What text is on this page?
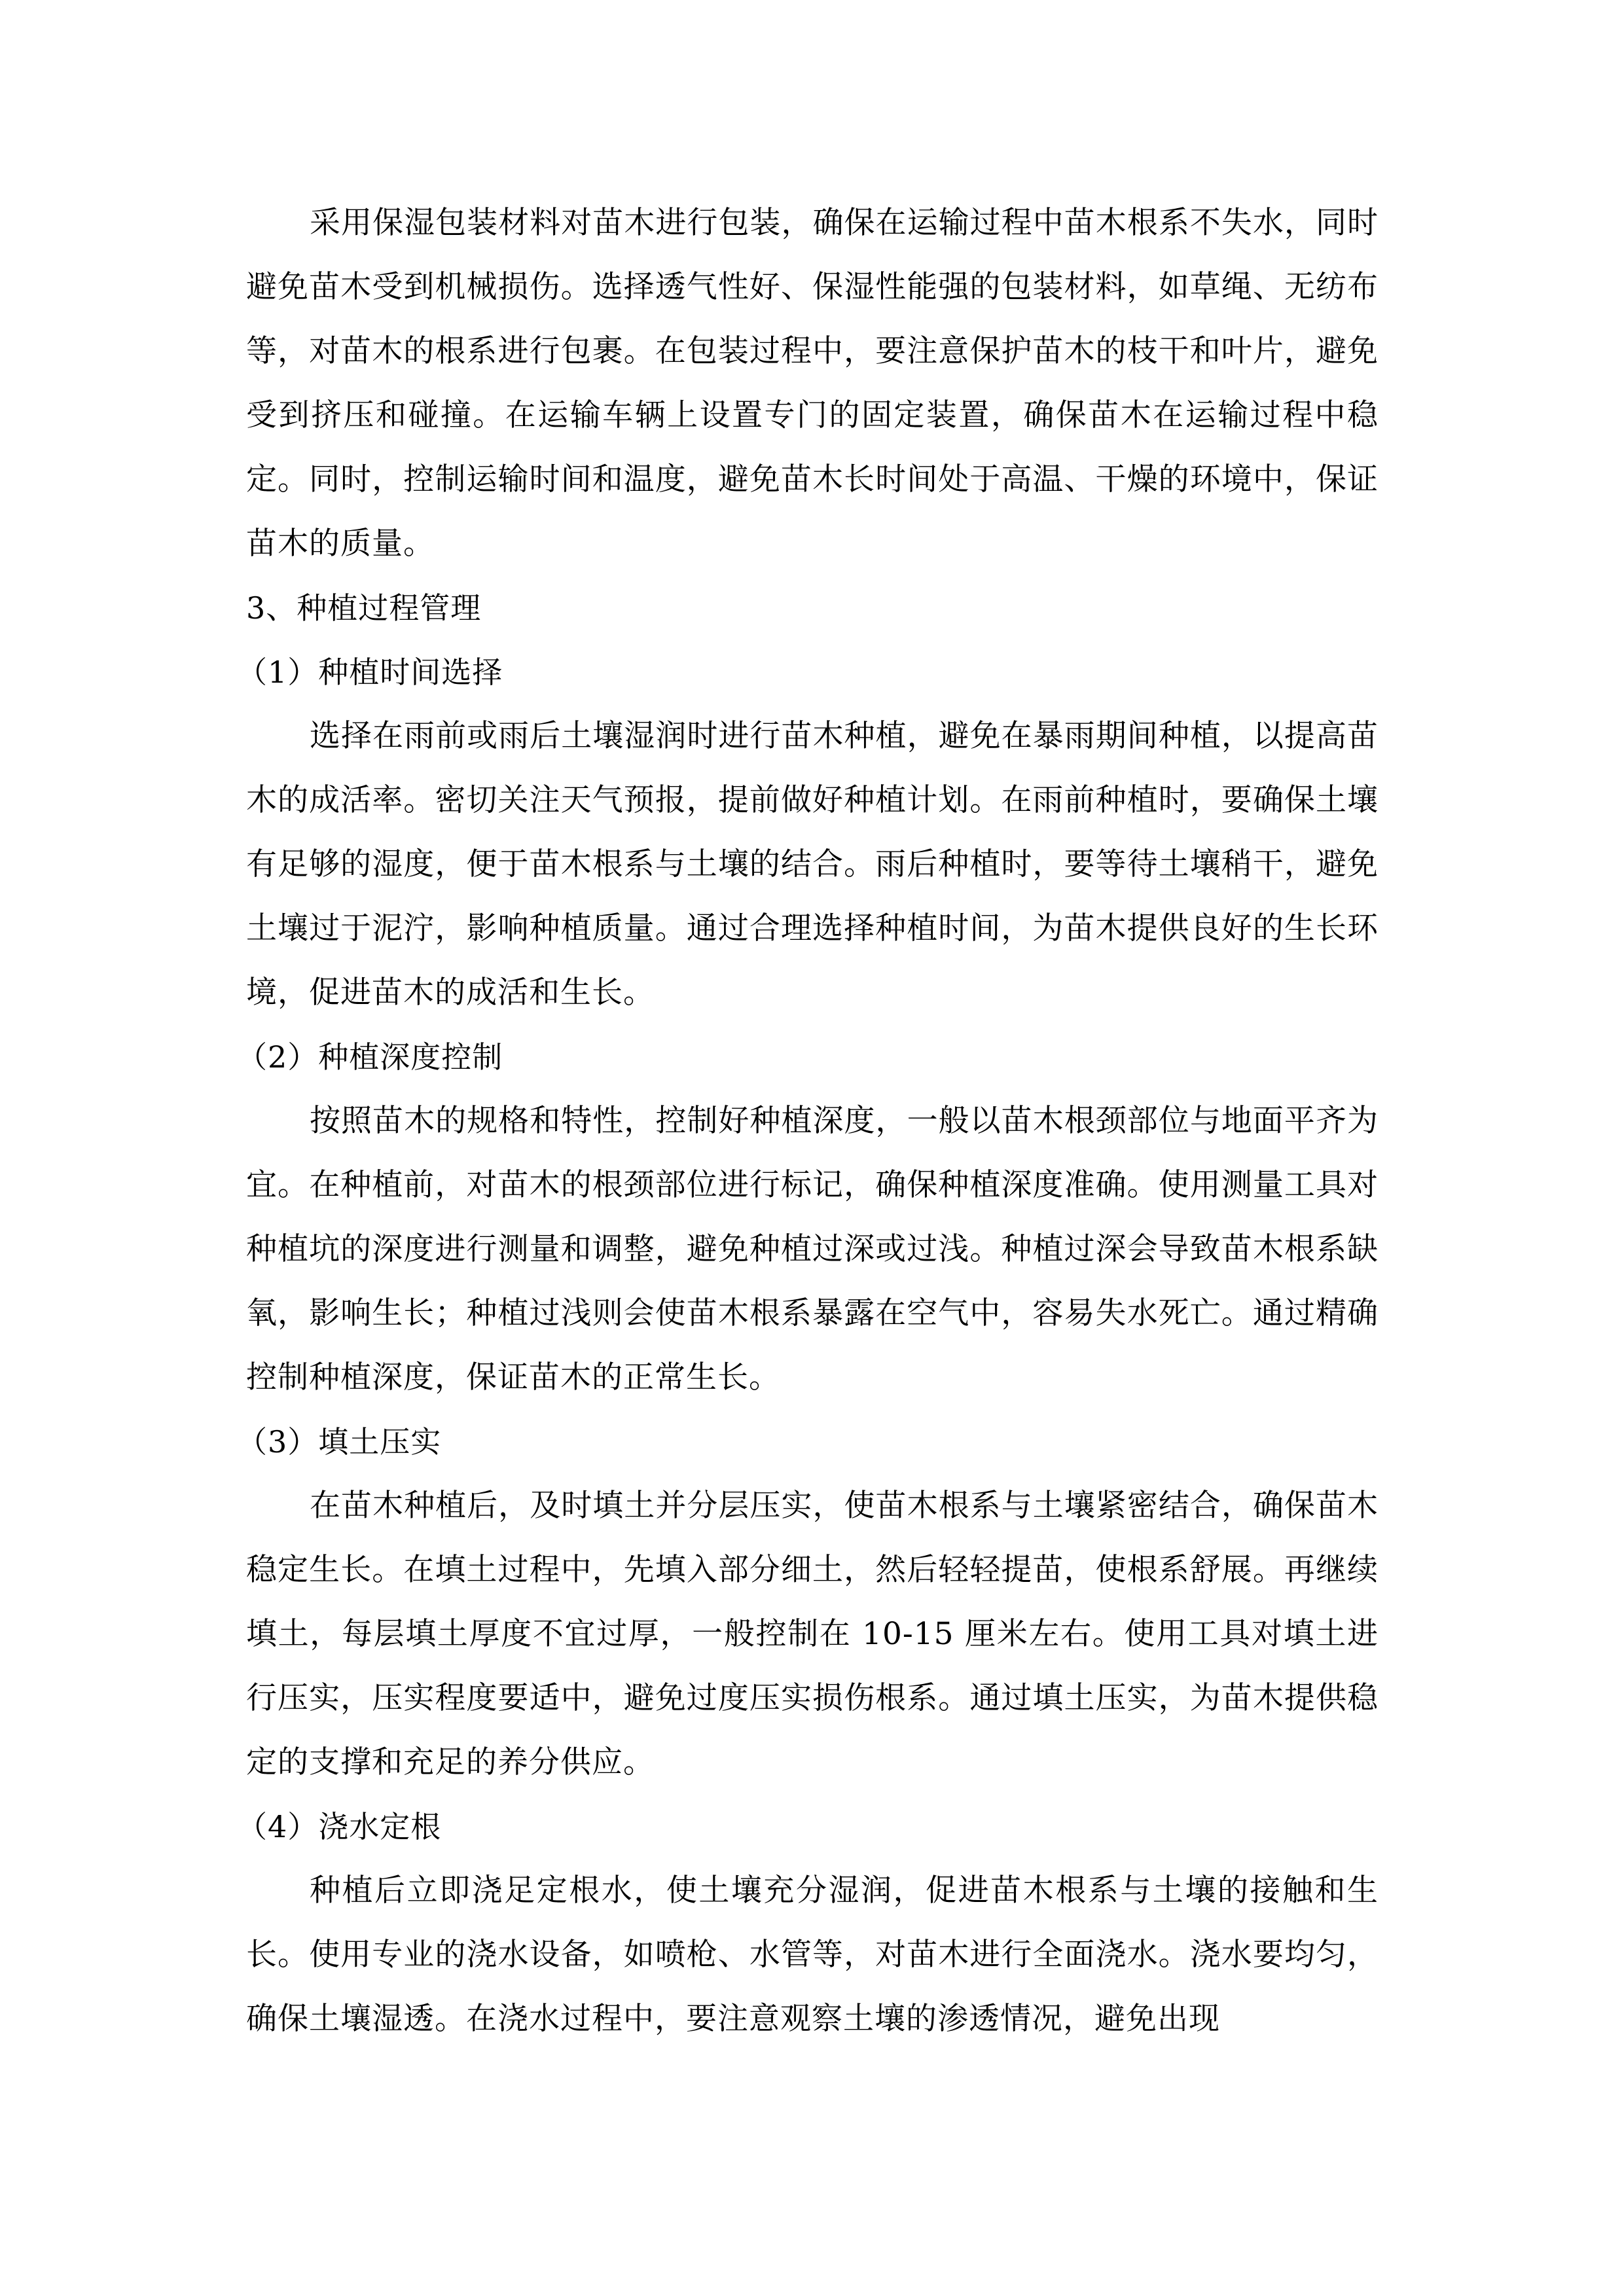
采用保湿包装材料对苗木进行包装，确保在运输过程中苗木根系不失水，同时避免苗木受到机械损伤。选择透气性好、保湿性能强的包装材料，如草绳、无纺布等，对苗木的根系进行包裹。在包装过程中，要注意保护苗木的枝干和叶片，避免受到挤压和碰撞。在运输车辆上设置专门的固定装置，确保苗木在运输过程中稳定。同时，控制运输时间和温度，避免苗木长时间处于高温、干燥的环境中，保证苗木的质量。

3、种植过程管理

（1）种植时间选择

选择在雨前或雨后土壤湿润时进行苗木种植，避免在暴雨期间种植，以提高苗木的成活率。密切关注天气预报，提前做好种植计划。在雨前种植时，要确保土壤有足够的湿度，便于苗木根系与土壤的结合。雨后种植时，要等待土壤稍干，避免土壤过于泥泞，影响种植质量。通过合理选择种植时间，为苗木提供良好的生长环境，促进苗木的成活和生长。

（2）种植深度控制

按照苗木的规格和特性，控制好种植深度，一般以苗木根颈部位与地面平齐为宜。在种植前，对苗木的根颈部位进行标记，确保种植深度准确。使用测量工具对种植坑的深度进行测量和调整，避免种植过深或过浅。种植过深会导致苗木根系缺氧，影响生长；种植过浅则会使苗木根系暴露在空气中，容易失水死亡。通过精确控制种植深度，保证苗木的正常生长。

（3）填土压实

在苗木种植后，及时填土并分层压实，使苗木根系与土壤紧密结合，确保苗木稳定生长。在填土过程中，先填入部分细土，然后轻轻提苗，使根系舒展。再继续填土，每层填土厚度不宜过厚，一般控制在 10-15 厘米左右。使用工具对填土进行压实，压实程度要适中，避免过度压实损伤根系。通过填土压实，为苗木提供稳定的支撑和充足的养分供应。

（4）浇水定根

种植后立即浇足定根水，使土壤充分湿润，促进苗木根系与土壤的接触和生长。使用专业的浇水设备，如喷枪、水管等，对苗木进行全面浇水。浇水要均匀，确保土壤湿透。在浇水过程中，要注意观察土壤的渗透情况，避免出现
